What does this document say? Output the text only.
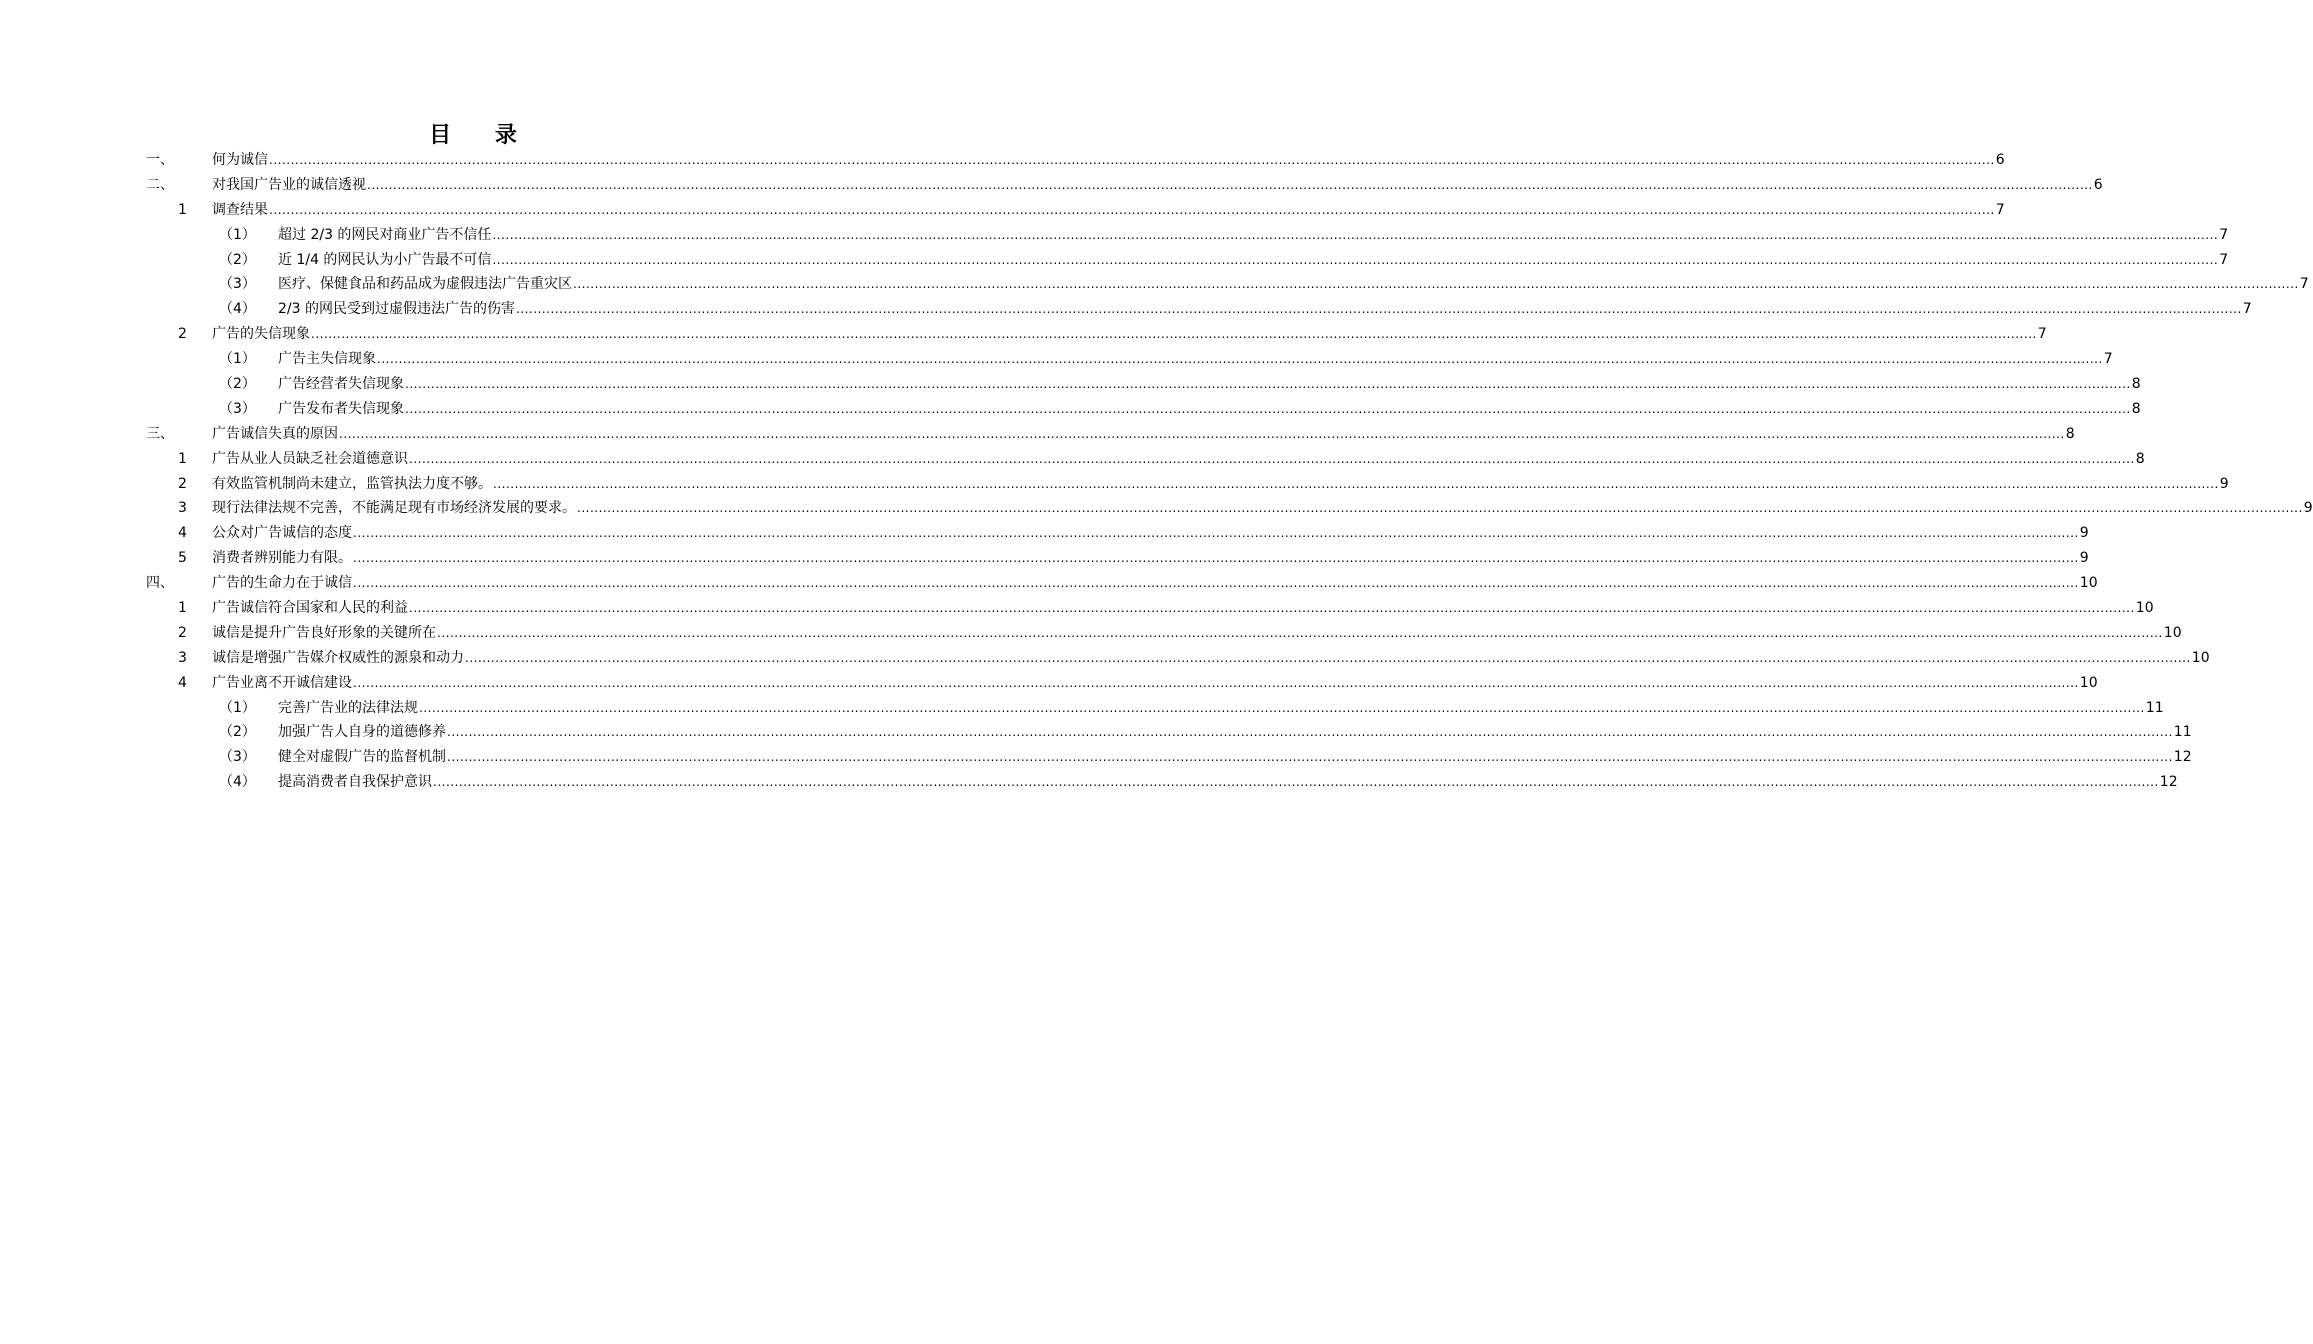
目 录
一、	何为诚信 ................................................................................................................................................................................................................................................................................................................................................................................................................ 6
二、	对我国广告业的诚信透视 ................................................................................................................................................................................................................................................................................................................................................................................................................ 6
1 调查结果 ................................................................................................................................................................................................................................................................................................................................................................................................................ 7
（1） 超过 2/3 的网民对商业广告不信任 ................................................................................................................................................................................................................................................................................................................................................................................................................ 7
（2） 近 1/4 的网民认为小广告最不可信 ................................................................................................................................................................................................................................................................................................................................................................................................................ 7
（3） 医疗、保健食品和药品成为虚假违法广告重灾区 ................................................................................................................................................................................................................................................................................................................................................................................................................ 7
（4） 2/3 的网民受到过虚假违法广告的伤害 ................................................................................................................................................................................................................................................................................................................................................................................................................ 7
2 广告的失信现象 ................................................................................................................................................................................................................................................................................................................................................................................................................ 7
（1） 广告主失信现象 ................................................................................................................................................................................................................................................................................................................................................................................................................ 7
（2） 广告经营者失信现象 ................................................................................................................................................................................................................................................................................................................................................................................................................ 8
（3） 广告发布者失信现象 ................................................................................................................................................................................................................................................................................................................................................................................................................ 8
三、	广告诚信失真的原因 ................................................................................................................................................................................................................................................................................................................................................................................................................ 8
1 广告从业人员缺乏社会道德意识 ................................................................................................................................................................................................................................................................................................................................................................................................................ 8
2 有效监管机制尚未建立，监管执法力度不够。 ................................................................................................................................................................................................................................................................................................................................................................................................................ 9
3 现行法律法规不完善，不能满足现有市场经济发展的要求。 ................................................................................................................................................................................................................................................................................................................................................................................................................ 9
4 公众对广告诚信的态度 ................................................................................................................................................................................................................................................................................................................................................................................................................ 9
5 消费者辨别能力有限。 ................................................................................................................................................................................................................................................................................................................................................................................................................ 9
四、	广告的生命力在于诚信 ................................................................................................................................................................................................................................................................................................................................................................................................................ 10
1 广告诚信符合国家和人民的利益 ................................................................................................................................................................................................................................................................................................................................................................................................................ 10
2 诚信是提升广告良好形象的关键所在 ................................................................................................................................................................................................................................................................................................................................................................................................................ 10
3 诚信是增强广告媒介权威性的源泉和动力 ................................................................................................................................................................................................................................................................................................................................................................................................................ 10
4 广告业离不开诚信建设 ................................................................................................................................................................................................................................................................................................................................................................................................................ 10
（1） 完善广告业的法律法规 ................................................................................................................................................................................................................................................................................................................................................................................................................ 11
（2） 加强广告人自身的道德修养 ................................................................................................................................................................................................................................................................................................................................................................................................................ 11
（3） 健全对虚假广告的监督机制 ................................................................................................................................................................................................................................................................................................................................................................................................................ 12
（4） 提高消费者自我保护意识 ................................................................................................................................................................................................................................................................................................................................................................................................................ 12
